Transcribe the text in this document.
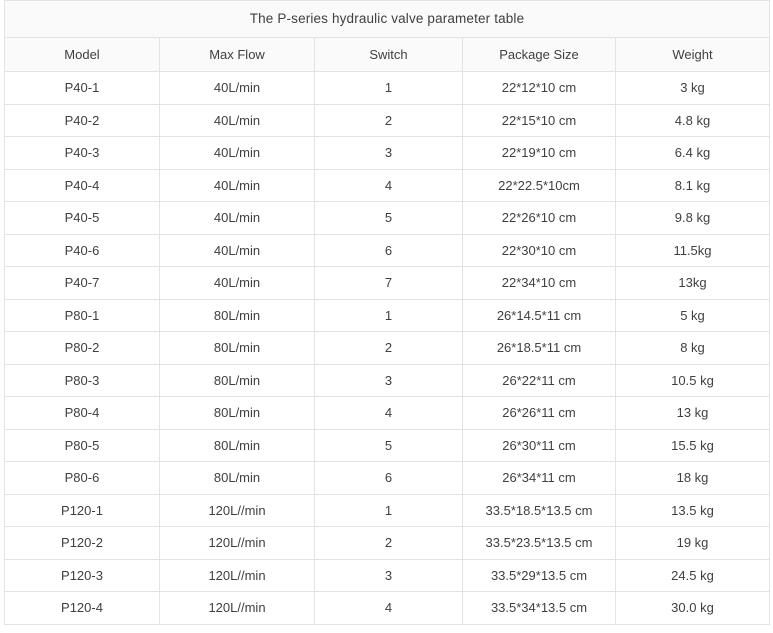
The P-series hydraulic valve parameter table
Model	Max Flow	Switch	Package Size	Weight
P40-1	40L/min	1	22*12*10 cm	3 kg
P40-2	40L/min	2	22*15*10 cm	4.8 kg
P40-3	40L/min	3	22*19*10 cm	6.4 kg
P40-4	40L/min	4	22*22.5*10cm	8.1 kg
P40-5	40L/min	5	22*26*10 cm	9.8 kg
P40-6	40L/min	6	22*30*10 cm	11.5kg
P40-7	40L/min	7	22*34*10 cm	13kg
P80-1	80L/min	1	26*14.5*11 cm	5 kg
P80-2	80L/min	2	26*18.5*11 cm	8 kg
P80-3	80L/min	3	26*22*11 cm	10.5 kg
P80-4	80L/min	4	26*26*11 cm	13 kg
P80-5	80L/min	5	26*30*11 cm	15.5 kg
P80-6	80L/min	6	26*34*11 cm	18 kg
P120-1	120L//min	1	33.5*18.5*13.5 cm	13.5 kg
P120-2	120L//min	2	33.5*23.5*13.5 cm	19 kg
P120-3	120L//min	3	33.5*29*13.5 cm	24.5 kg
P120-4	120L//min	4	33.5*34*13.5 cm	30.0 kg
